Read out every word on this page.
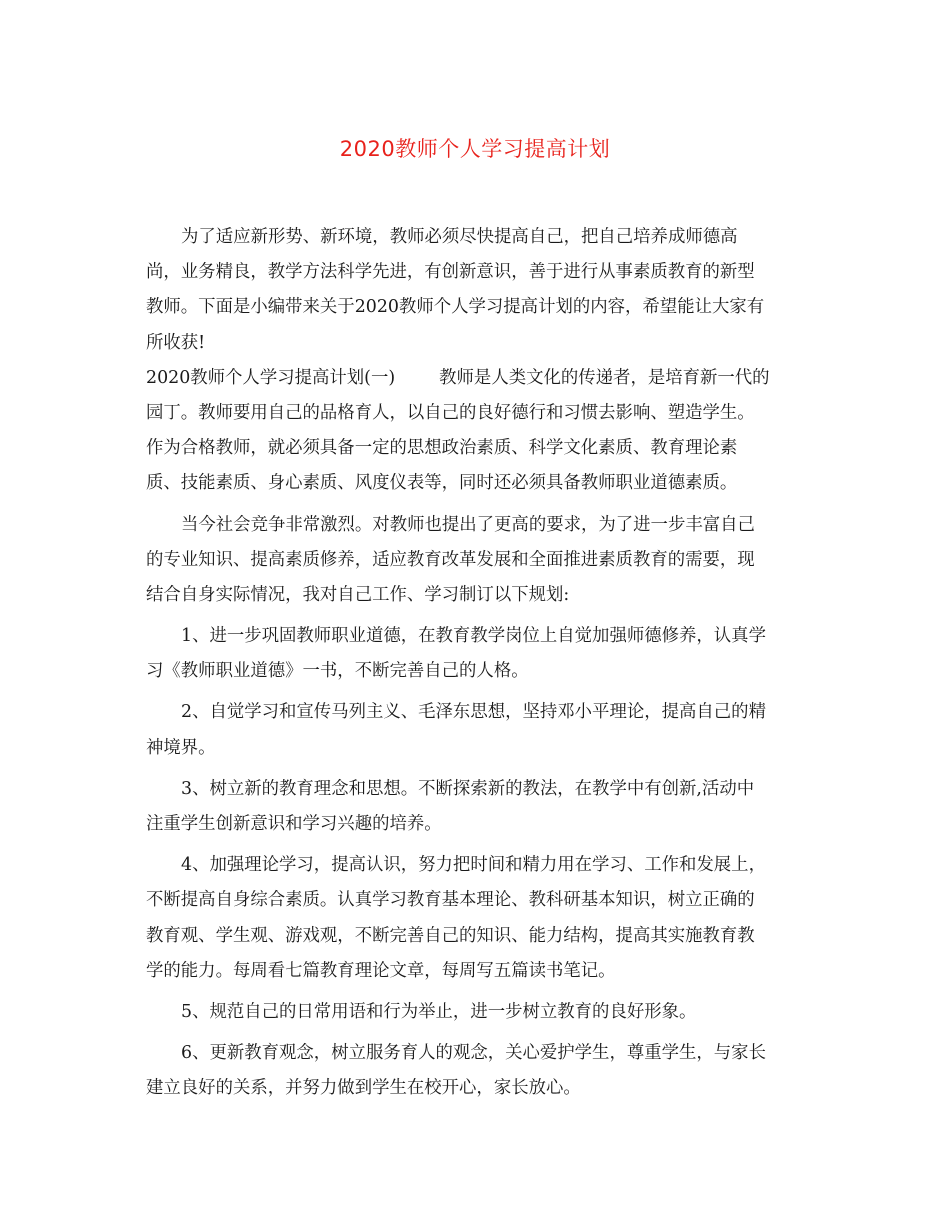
2020教师个人学习提高计划

为了适应新形势、新环境，教师必须尽快提高自己，把自己培养成师德高
尚，业务精良，教学方法科学先进，有创新意识，善于进行从事素质教育的新型
教师。下面是小编带来关于2020教师个人学习提高计划的内容，希望能让大家有
所收获!

2020教师个人学习提高计划(一)	教师是人类文化的传递者，是培育新一代的
园丁。教师要用自己的品格育人，以自己的良好德行和习惯去影响、塑造学生。
作为合格教师，就必须具备一定的思想政治素质、科学文化素质、教育理论素
质、技能素质、身心素质、风度仪表等，同时还必须具备教师职业道德素质。

当今社会竞争非常激烈。对教师也提出了更高的要求，为了进一步丰富自己
的专业知识、提高素质修养，适应教育改革发展和全面推进素质教育的需要，现
结合自身实际情况，我对自己工作、学习制订以下规划:

1、进一步巩固教师职业道德，在教育教学岗位上自觉加强师德修养，认真学
习《教师职业道德》一书，不断完善自己的人格。

2、自觉学习和宣传马列主义、毛泽东思想，坚持邓小平理论，提高自己的精
神境界。

3、树立新的教育理念和思想。不断探索新的教法，在教学中有创新,活动中
注重学生创新意识和学习兴趣的培养。

4、加强理论学习，提高认识，努力把时间和精力用在学习、工作和发展上，
不断提高自身综合素质。认真学习教育基本理论、教科研基本知识，树立正确的
教育观、学生观、游戏观，不断完善自己的知识、能力结构，提高其实施教育教
学的能力。每周看七篇教育理论文章，每周写五篇读书笔记。

5、规范自己的日常用语和行为举止，进一步树立教育的良好形象。

6、更新教育观念，树立服务育人的观念，关心爱护学生，尊重学生，与家长
建立良好的关系，并努力做到学生在校开心，家长放心。
